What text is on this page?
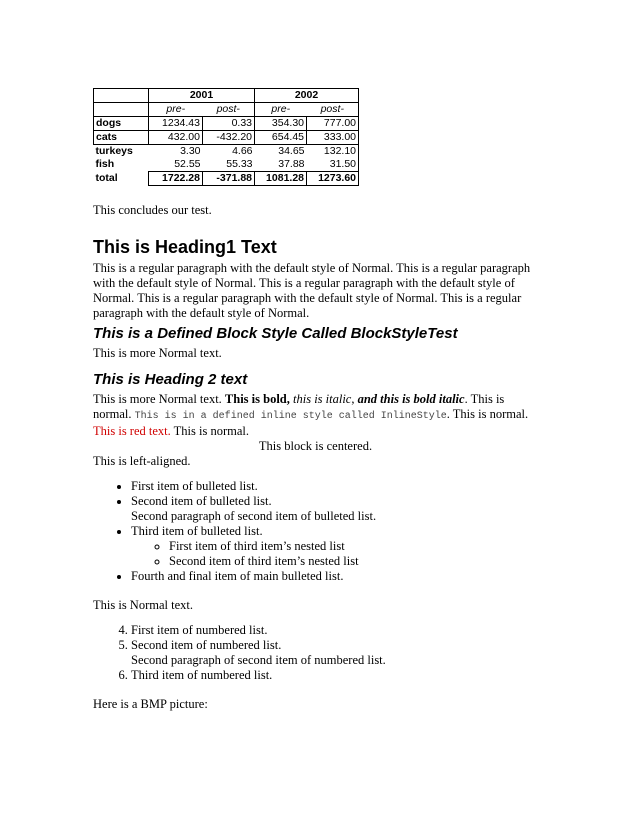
	2001		2002	
	pre-	post-	pre-	post-
dogs	1234.43	0.33	354.30	777.00
cats	432.00	-432.20	654.45	333.00
turkeys	3.30	4.66	34.65	132.10
fish	52.55	55.33	37.88	31.50
total	1722.28	-371.88	1081.28	1273.60

This concludes our test.

This is Heading1 Text

This is a regular paragraph with the default style of Normal. This is a regular paragraph with the default style of Normal. This is a regular paragraph with the default style of Normal. This is a regular paragraph with the default style of Normal. This is a regular paragraph with the default style of Normal.

This is a Defined Block Style Called BlockStyleTest

This is more Normal text.

This is Heading 2 text

This is more Normal text. This is bold, this is italic, and this is bold italic. This is normal. This is in a defined inline style called InlineStyle. This is normal. This is red text. This is normal.

This block is centered.

This is left-aligned.

• First item of bulleted list.
• Second item of bulleted list.
Second paragraph of second item of bulleted list.
• Third item of bulleted list.
◦ First item of third item’s nested list
◦ Second item of third item’s nested list
• Fourth and final item of main bulleted list.

This is Normal text.

4. First item of numbered list.
5. Second item of numbered list.
Second paragraph of second item of numbered list.
6. Third item of numbered list.

Here is a BMP picture:
